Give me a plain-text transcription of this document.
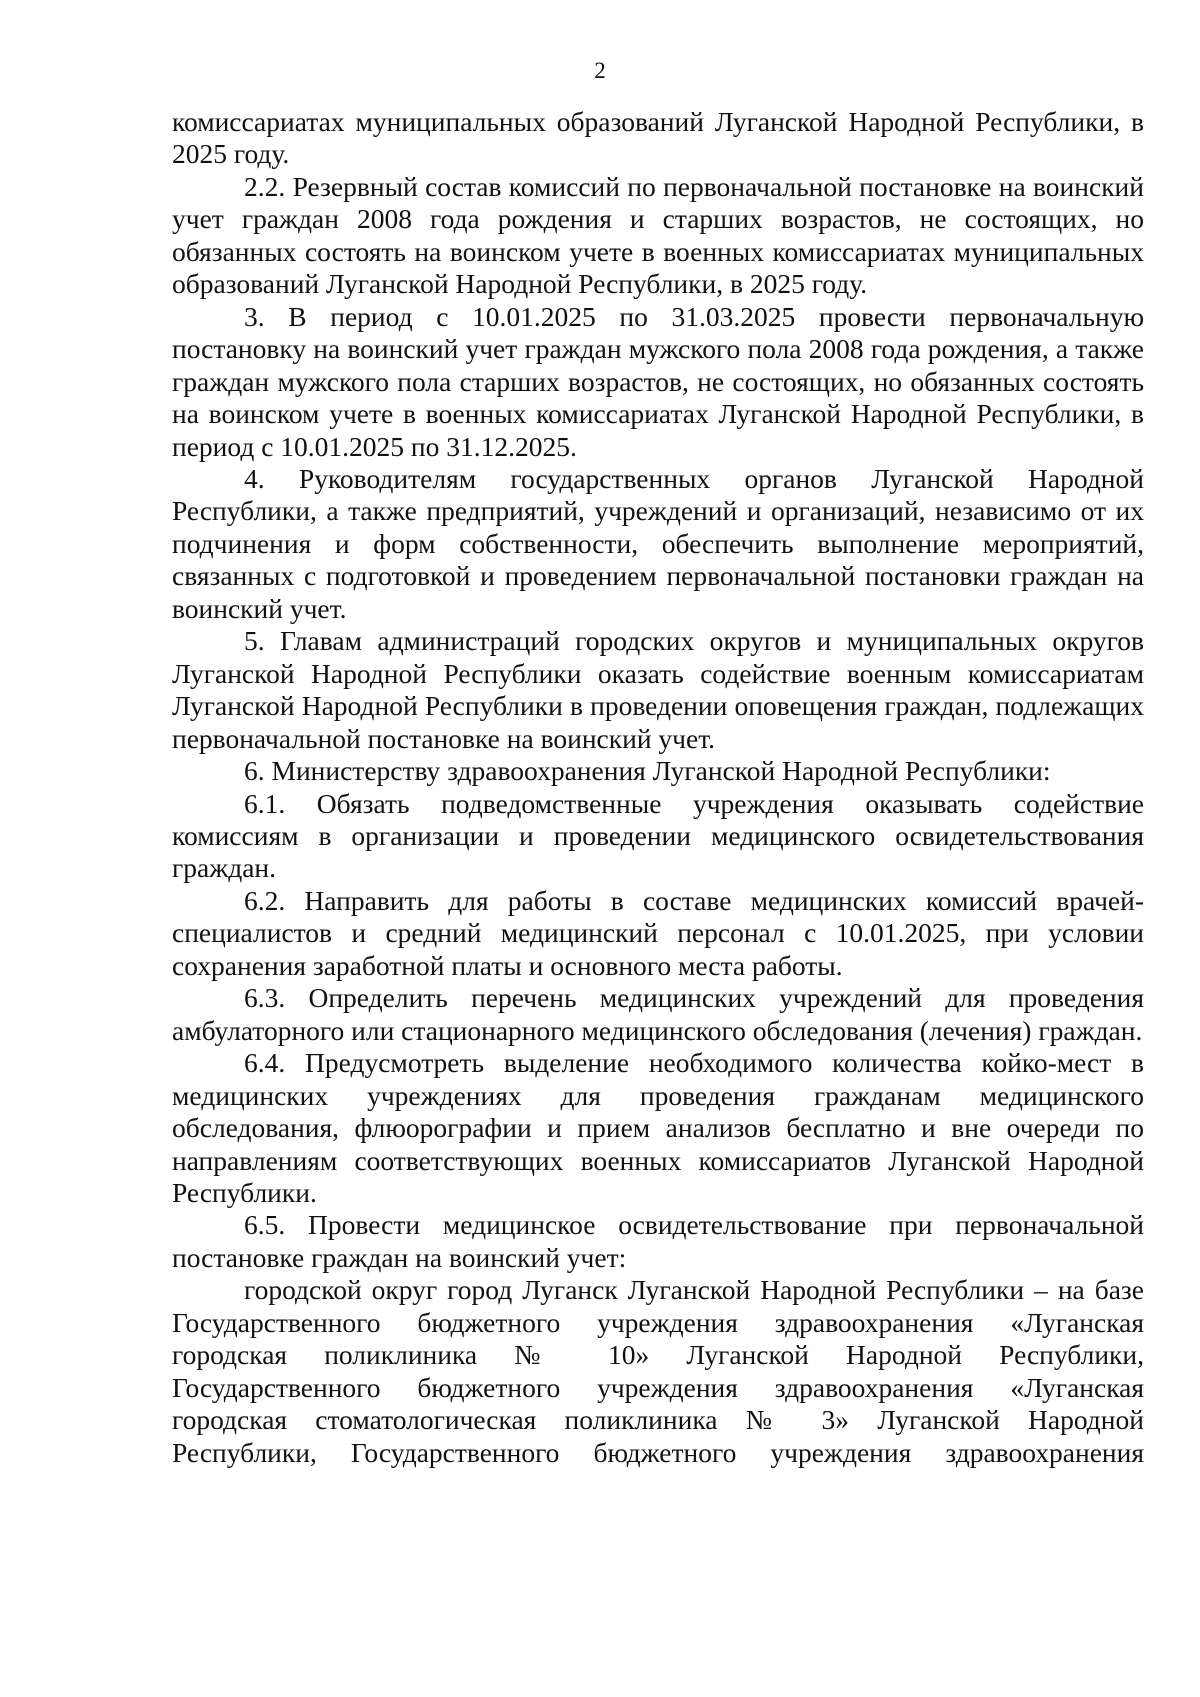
2

комиссариатах муниципальных образований Луганской Народной Республики, в 2025 году.

2.2. Резервный состав комиссий по первоначальной постановке на воинский учет граждан 2008 года рождения и старших возрастов, не состоящих, но обязанных состоять на воинском учете в военных комиссариатах муниципальных образований Луганской Народной Республики, в 2025 году.

3. В период с 10.01.2025 по 31.03.2025 провести первоначальную постановку на воинский учет граждан мужского пола 2008 года рождения, а также граждан мужского пола старших возрастов, не состоящих, но обязанных состоять на воинском учете в военных комиссариатах Луганской Народной Республики, в период с 10.01.2025 по 31.12.2025.

4. Руководителям государственных органов Луганской Народной Республики, а также предприятий, учреждений и организаций, независимо от их подчинения и форм собственности, обеспечить выполнение мероприятий, связанных с подготовкой и проведением первоначальной постановки граждан на воинский учет.

5. Главам администраций городских округов и муниципальных округов Луганской Народной Республики оказать содействие военным комиссариатам Луганской Народной Республики в проведении оповещения граждан, подлежащих первоначальной постановке на воинский учет.

6. Министерству здравоохранения Луганской Народной Республики:

6.1. Обязать подведомственные учреждения оказывать содействие комиссиям в организации и проведении медицинского освидетельствования граждан.

6.2. Направить для работы в составе медицинских комиссий врачей-специалистов и средний медицинский персонал с 10.01.2025, при условии сохранения заработной платы и основного места работы.

6.3. Определить перечень медицинских учреждений для проведения амбулаторного или стационарного медицинского обследования (лечения) граждан.

6.4. Предусмотреть выделение необходимого количества койко-мест в медицинских учреждениях для проведения гражданам медицинского обследования, флюорографии и прием анализов бесплатно и вне очереди по направлениям соответствующих военных комиссариатов Луганской Народной Республики.

6.5. Провести медицинское освидетельствование при первоначальной постановке граждан на воинский учет:

городской округ город Луганск Луганской Народной Республики – на базе Государственного бюджетного учреждения здравоохранения «Луганская городская поликлиника № 10» Луганской Народной Республики, Государственного бюджетного учреждения здравоохранения «Луганская городская стоматологическая поликлиника № 3» Луганской Народной Республики, Государственного бюджетного учреждения здравоохранения
